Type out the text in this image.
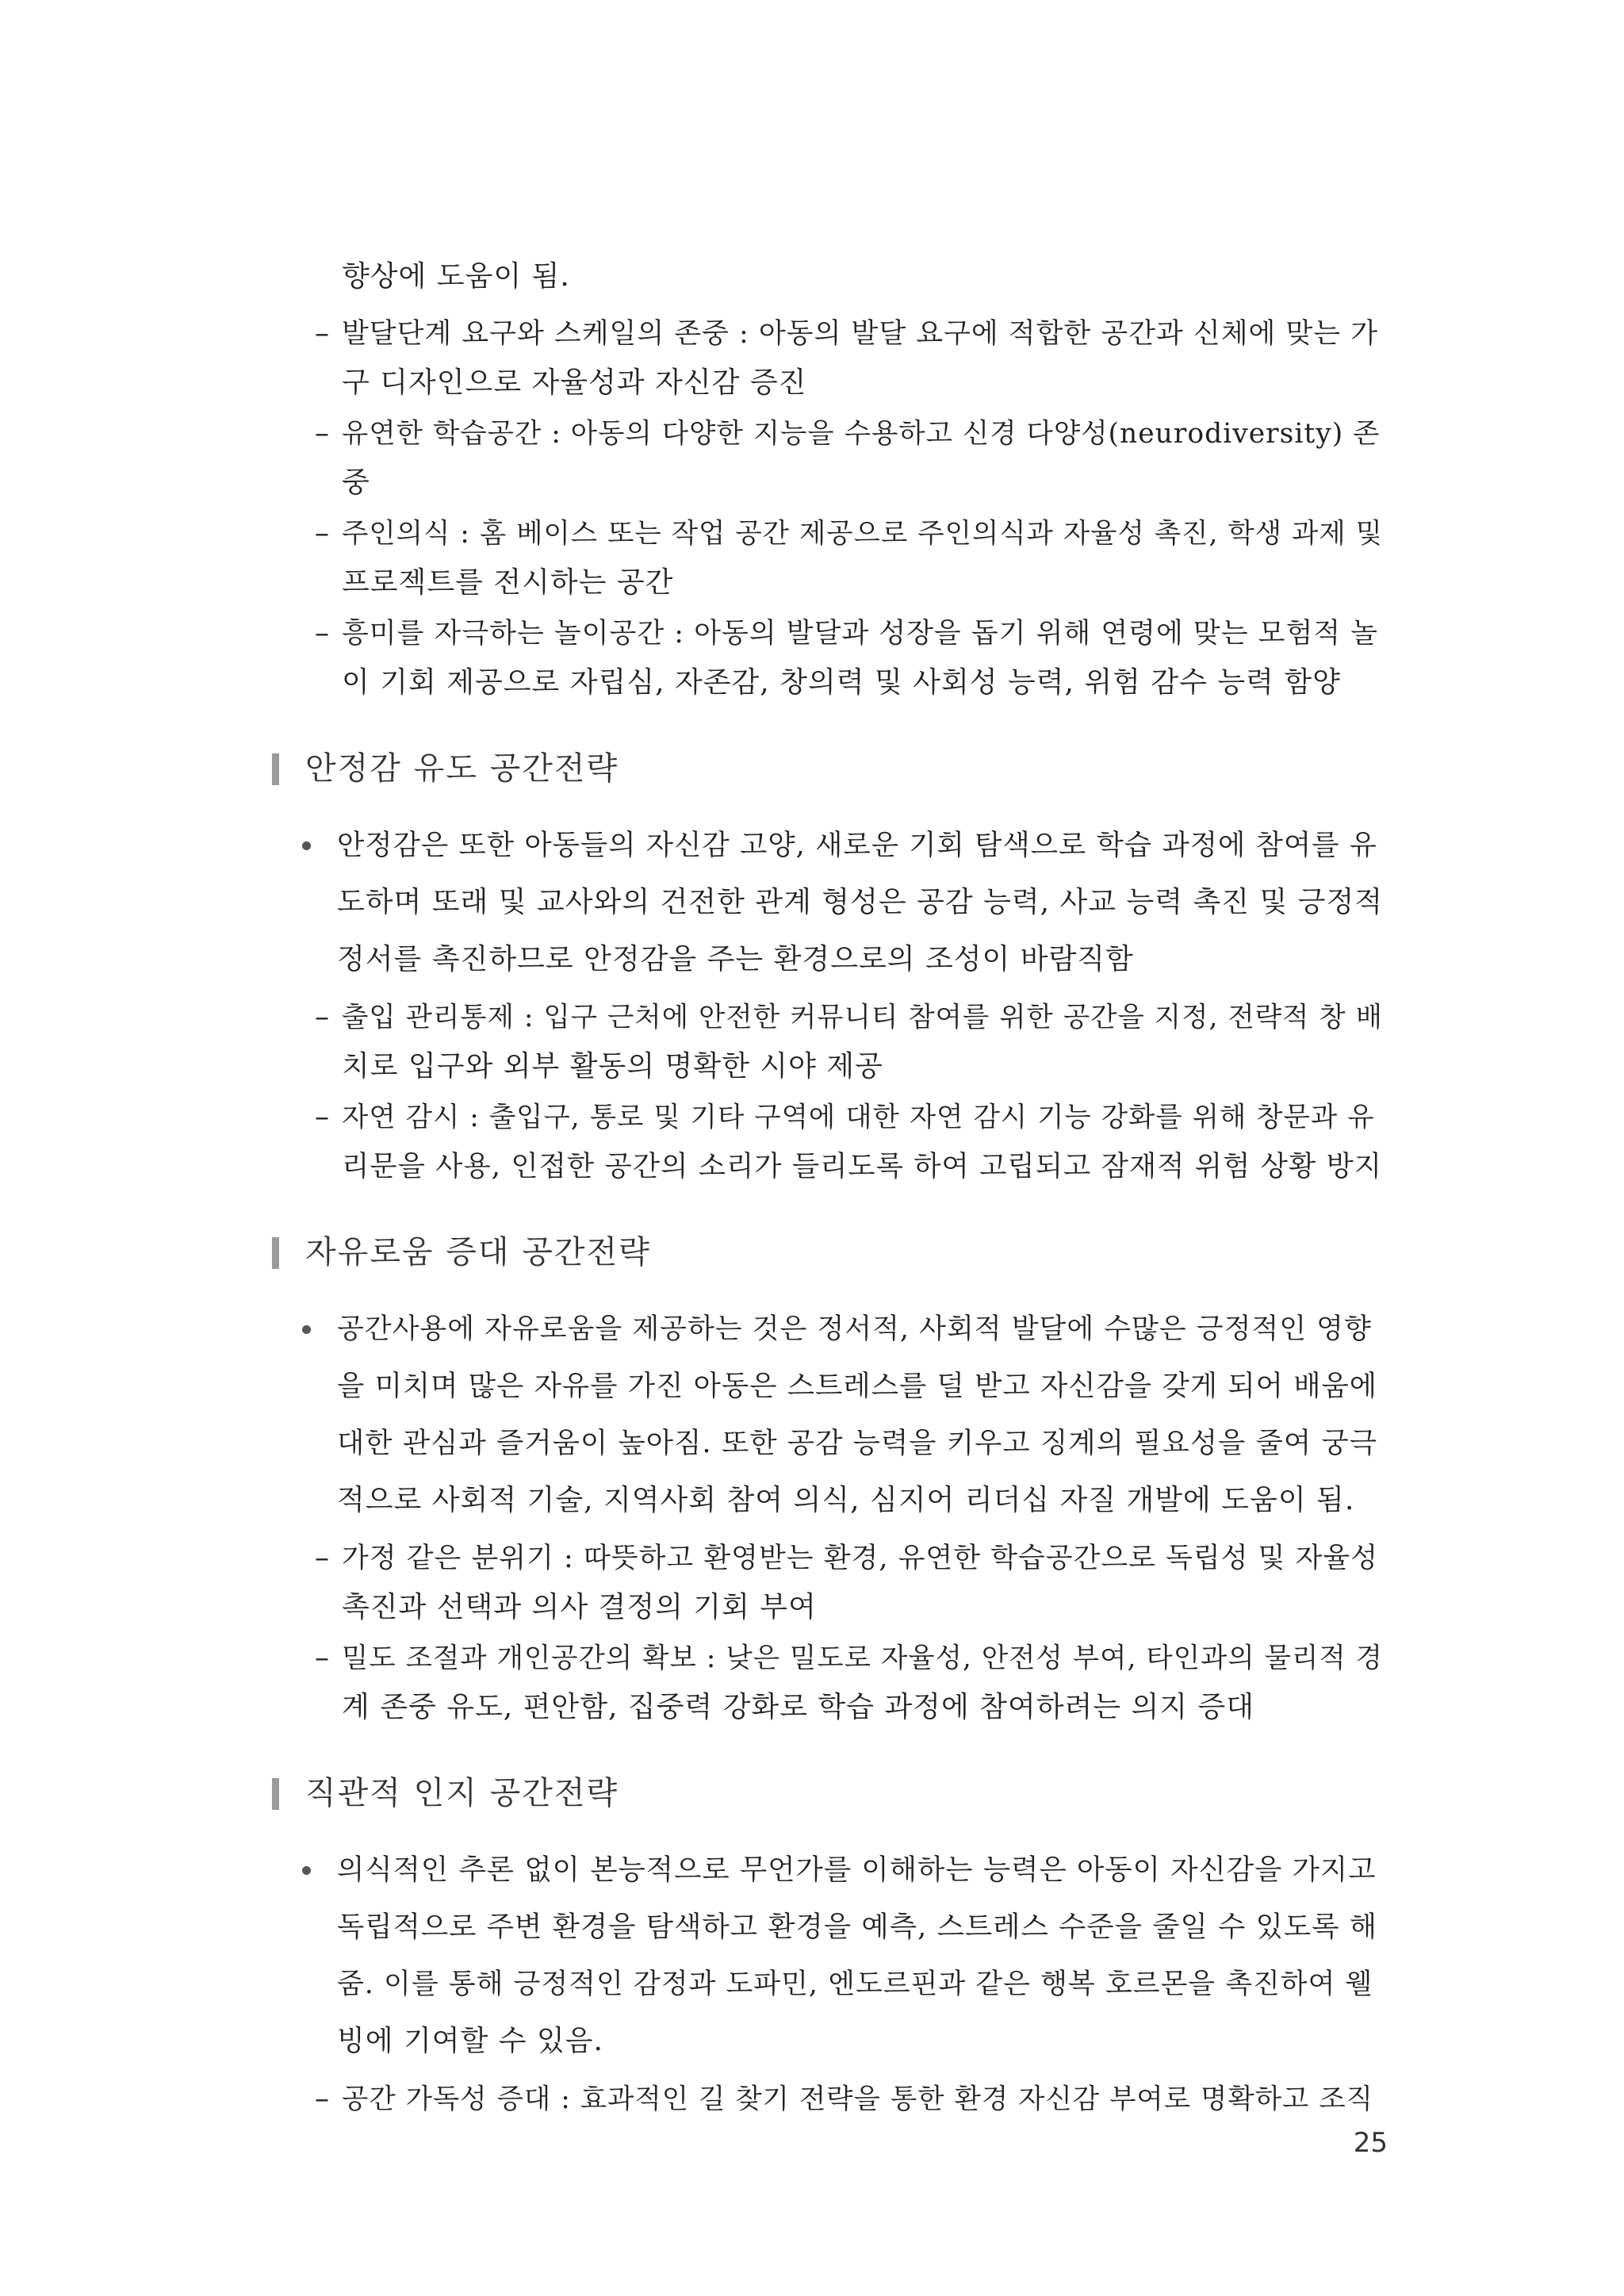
향상에 도움이 됨.
– 발달단계 요구와 스케일의 존중 : 아동의 발달 요구에 적합한 공간과 신체에 맞는 가
구 디자인으로 자율성과 자신감 증진
– 유연한 학습공간 : 아동의 다양한 지능을 수용하고 신경 다양성(neurodiversity) 존
중
– 주인의식 : 홈 베이스 또는 작업 공간 제공으로 주인의식과 자율성 촉진, 학생 과제 및
프로젝트를 전시하는 공간
– 흥미를 자극하는 놀이공간 : 아동의 발달과 성장을 돕기 위해 연령에 맞는 모험적 놀
이 기회 제공으로 자립심, 자존감, 창의력 및 사회성 능력, 위험 감수 능력 함양
안정감 유도 공간전략
안정감은 또한 아동들의 자신감 고양, 새로운 기회 탐색으로 학습 과정에 참여를 유
도하며 또래 및 교사와의 건전한 관계 형성은 공감 능력, 사교 능력 촉진 및 긍정적
정서를 촉진하므로 안정감을 주는 환경으로의 조성이 바람직함
– 출입 관리통제 : 입구 근처에 안전한 커뮤니티 참여를 위한 공간을 지정, 전략적 창 배
치로 입구와 외부 활동의 명확한 시야 제공
– 자연 감시 : 출입구, 통로 및 기타 구역에 대한 자연 감시 기능 강화를 위해 창문과 유
리문을 사용, 인접한 공간의 소리가 들리도록 하여 고립되고 잠재적 위험 상황 방지
자유로움 증대 공간전략
공간사용에 자유로움을 제공하는 것은 정서적, 사회적 발달에 수많은 긍정적인 영향
을 미치며 많은 자유를 가진 아동은 스트레스를 덜 받고 자신감을 갖게 되어 배움에
대한 관심과 즐거움이 높아짐. 또한 공감 능력을 키우고 징계의 필요성을 줄여 궁극
적으로 사회적 기술, 지역사회 참여 의식, 심지어 리더십 자질 개발에 도움이 됨.
– 가정 같은 분위기 : 따뜻하고 환영받는 환경, 유연한 학습공간으로 독립성 및 자율성
촉진과 선택과 의사 결정의 기회 부여
– 밀도 조절과 개인공간의 확보 : 낮은 밀도로 자율성, 안전성 부여, 타인과의 물리적 경
계 존중 유도, 편안함, 집중력 강화로 학습 과정에 참여하려는 의지 증대
직관적 인지 공간전략
의식적인 추론 없이 본능적으로 무언가를 이해하는 능력은 아동이 자신감을 가지고
독립적으로 주변 환경을 탐색하고 환경을 예측, 스트레스 수준을 줄일 수 있도록 해
줌. 이를 통해 긍정적인 감정과 도파민, 엔도르핀과 같은 행복 호르몬을 촉진하여 웰
빙에 기여할 수 있음.
– 공간 가독성 증대 : 효과적인 길 찾기 전략을 통한 환경 자신감 부여로 명확하고 조직
25
